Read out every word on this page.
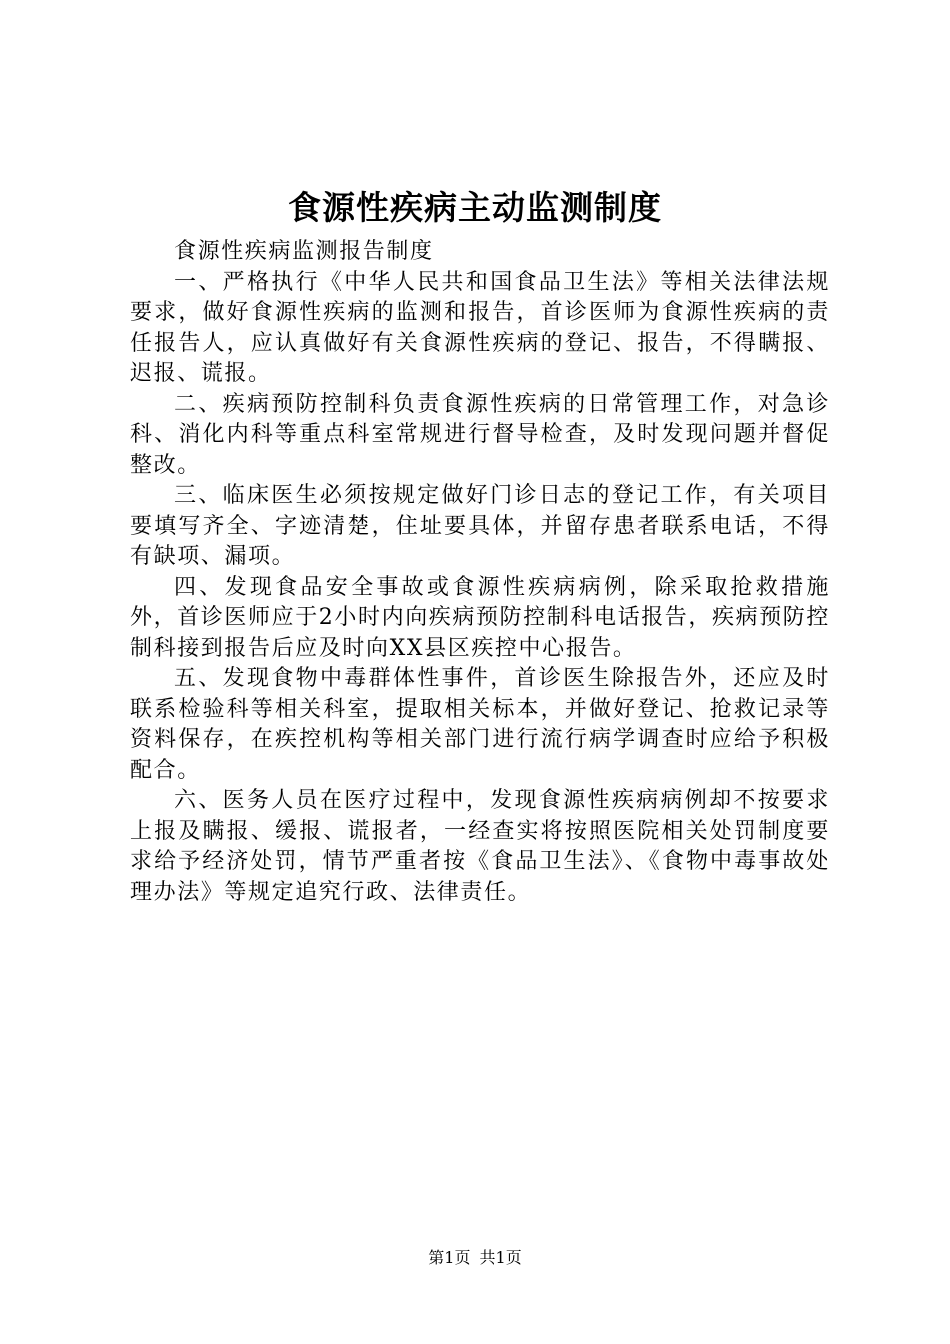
食源性疾病主动监测制度

食源性疾病监测报告制度

一、严格执行《中华人民共和国食品卫生法》等相关法律法规要求，做好食源性疾病的监测和报告，首诊医师为食源性疾病的责任报告人，应认真做好有关食源性疾病的登记、报告，不得瞒报、迟报、谎报。

二、疾病预防控制科负责食源性疾病的日常管理工作，对急诊科、消化内科等重点科室常规进行督导检查，及时发现问题并督促整改。

三、临床医生必须按规定做好门诊日志的登记工作，有关项目要填写齐全、字迹清楚，住址要具体，并留存患者联系电话，不得有缺项、漏项。

四、发现食品安全事故或食源性疾病病例，除采取抢救措施外，首诊医师应于2小时内向疾病预防控制科电话报告，疾病预防控制科接到报告后应及时向XX县区疾控中心报告。

五、发现食物中毒群体性事件，首诊医生除报告外，还应及时联系检验科等相关科室，提取相关标本，并做好登记、抢救记录等资料保存，在疾控机构等相关部门进行流行病学调查时应给予积极配合。

六、医务人员在医疗过程中，发现食源性疾病病例却不按要求上报及瞒报、缓报、谎报者，一经查实将按照医院相关处罚制度要求给予经济处罚，情节严重者按《食品卫生法》、《食物中毒事故处理办法》等规定追究行政、法律责任。

第1页 共1页
